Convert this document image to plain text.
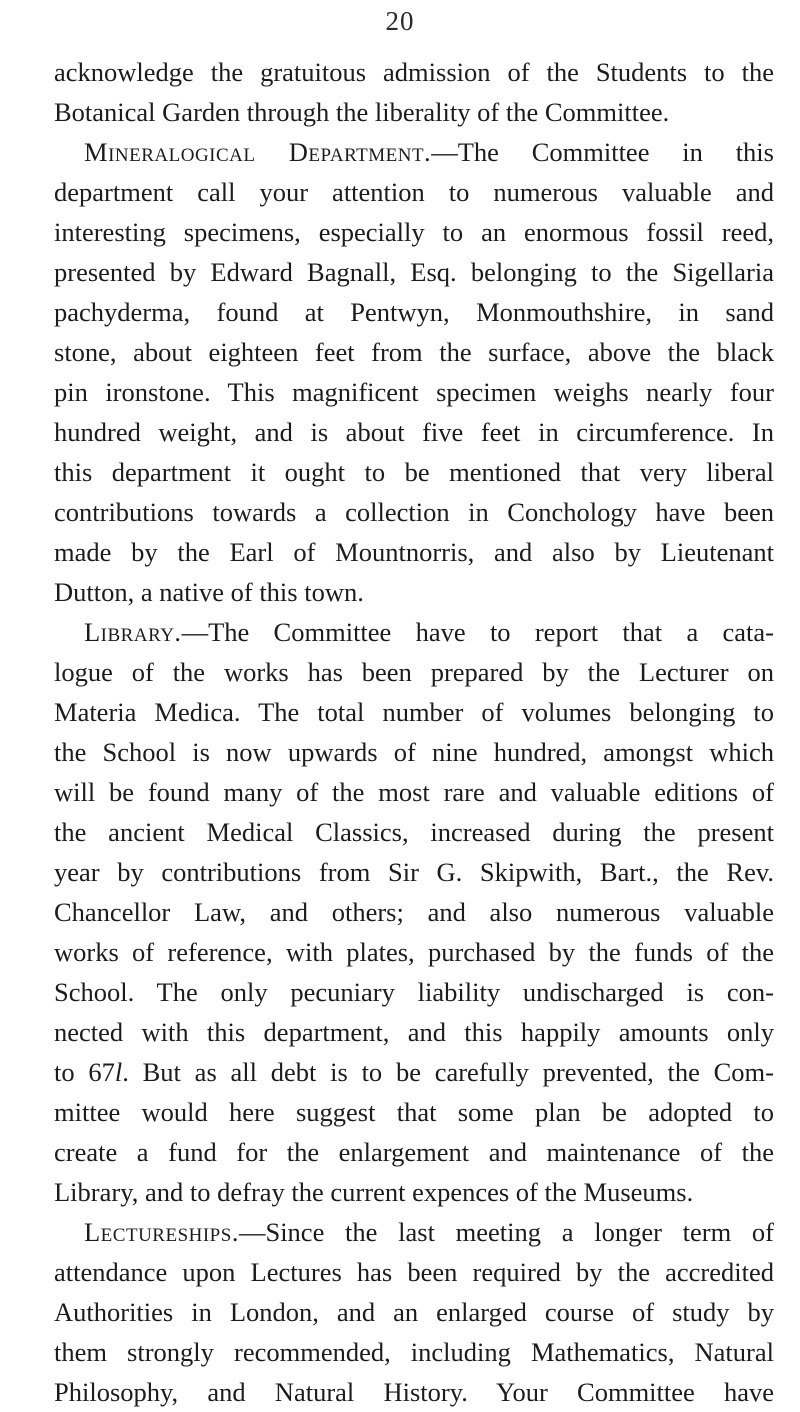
20
acknowledge the gratuitous admission of the Students to the
Botanical Garden through the liberality of the Committee.
Mineralogical Department.—The Committee in this
department call your attention to numerous valuable and
interesting specimens, especially to an enormous fossil reed,
presented by Edward Bagnall, Esq. belonging to the Sigellaria
pachyderma, found at Pentwyn, Monmouthshire, in sand
stone, about eighteen feet from the surface, above the black
pin ironstone. This magnificent specimen weighs nearly four
hundred weight, and is about five feet in circumference. In
this department it ought to be mentioned that very liberal
contributions towards a collection in Conchology have been
made by the Earl of Mountnorris, and also by Lieutenant
Dutton, a native of this town.
Library.—The Committee have to report that a cata-
logue of the works has been prepared by the Lecturer on
Materia Medica. The total number of volumes belonging to
the School is now upwards of nine hundred, amongst which
will be found many of the most rare and valuable editions of
the ancient Medical Classics, increased during the present
year by contributions from Sir G. Skipwith, Bart., the Rev.
Chancellor Law, and others; and also numerous valuable
works of reference, with plates, purchased by the funds of the
School. The only pecuniary liability undischarged is con-
nected with this department, and this happily amounts only
to 67l. But as all debt is to be carefully prevented, the Com-
mittee would here suggest that some plan be adopted to
create a fund for the enlargement and maintenance of the
Library, and to defray the current expences of the Museums.
Lectureships.—Since the last meeting a longer term of
attendance upon Lectures has been required by the accredited
Authorities in London, and an enlarged course of study by
them strongly recommended, including Mathematics, Natural
Philosophy, and Natural History. Your Committee have
